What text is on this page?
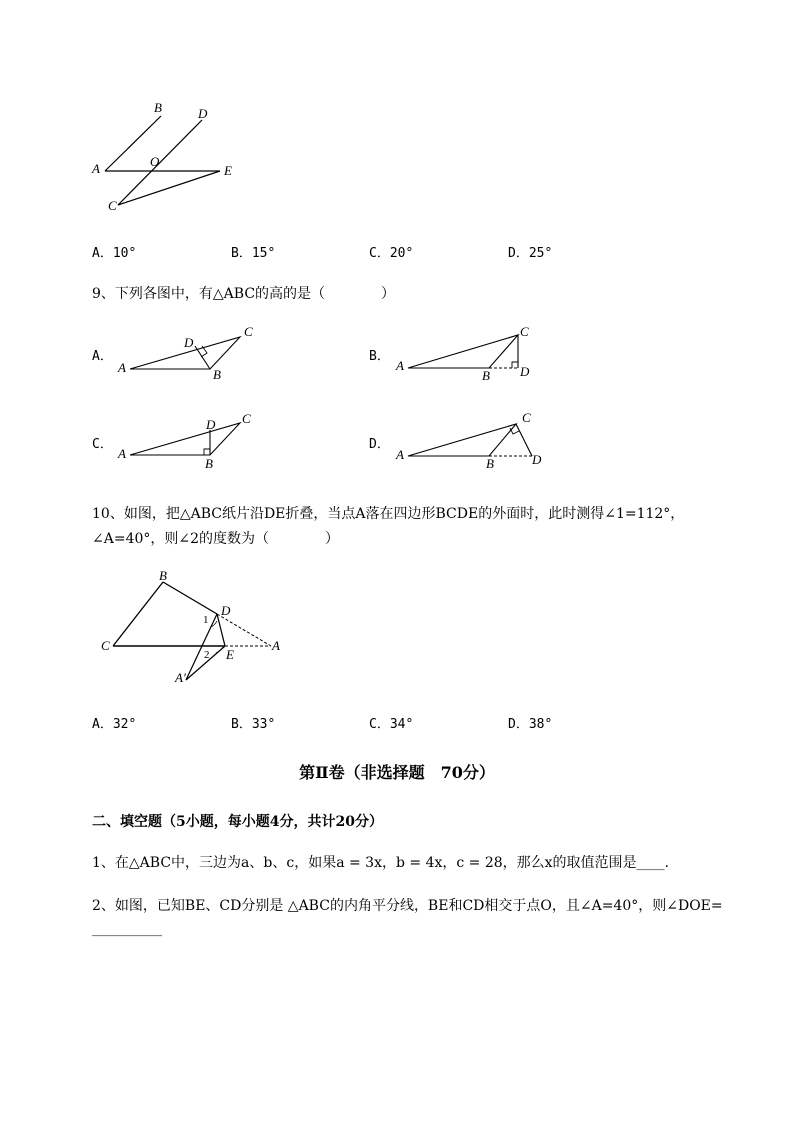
B	D
A	O
E
C
A．10°	B．15°	C．20°	D．25°
9、下列各图中，有△ABC的高的是（　　　　）
A．	B．
C．	D．
A
D
C
B
A
C
B D
A
D C
B
A
C
B	D
10、如图，把△ABC纸片沿DE折叠，当点A落在四边形BCDE的外面时，此时测得∠1=112°，
∠A=40°，则∠2的度数为（　　　　）
B
D
1
C
2 E
A
A′
A．32°	B．33°	C．34°	D．38°
第Ⅱ卷（非选择题　70分）
二、填空题（5小题，每小题4分，共计20分）
1、在△ABC中，三边为a、b、c，如果a = 3x，b = 4x，c = 28，那么x的取值范围是____.
2、如图，已知BE、CD分别是 △ABC的内角平分线，BE和CD相交于点O，且∠A=40°，则∠DOE=
__________
